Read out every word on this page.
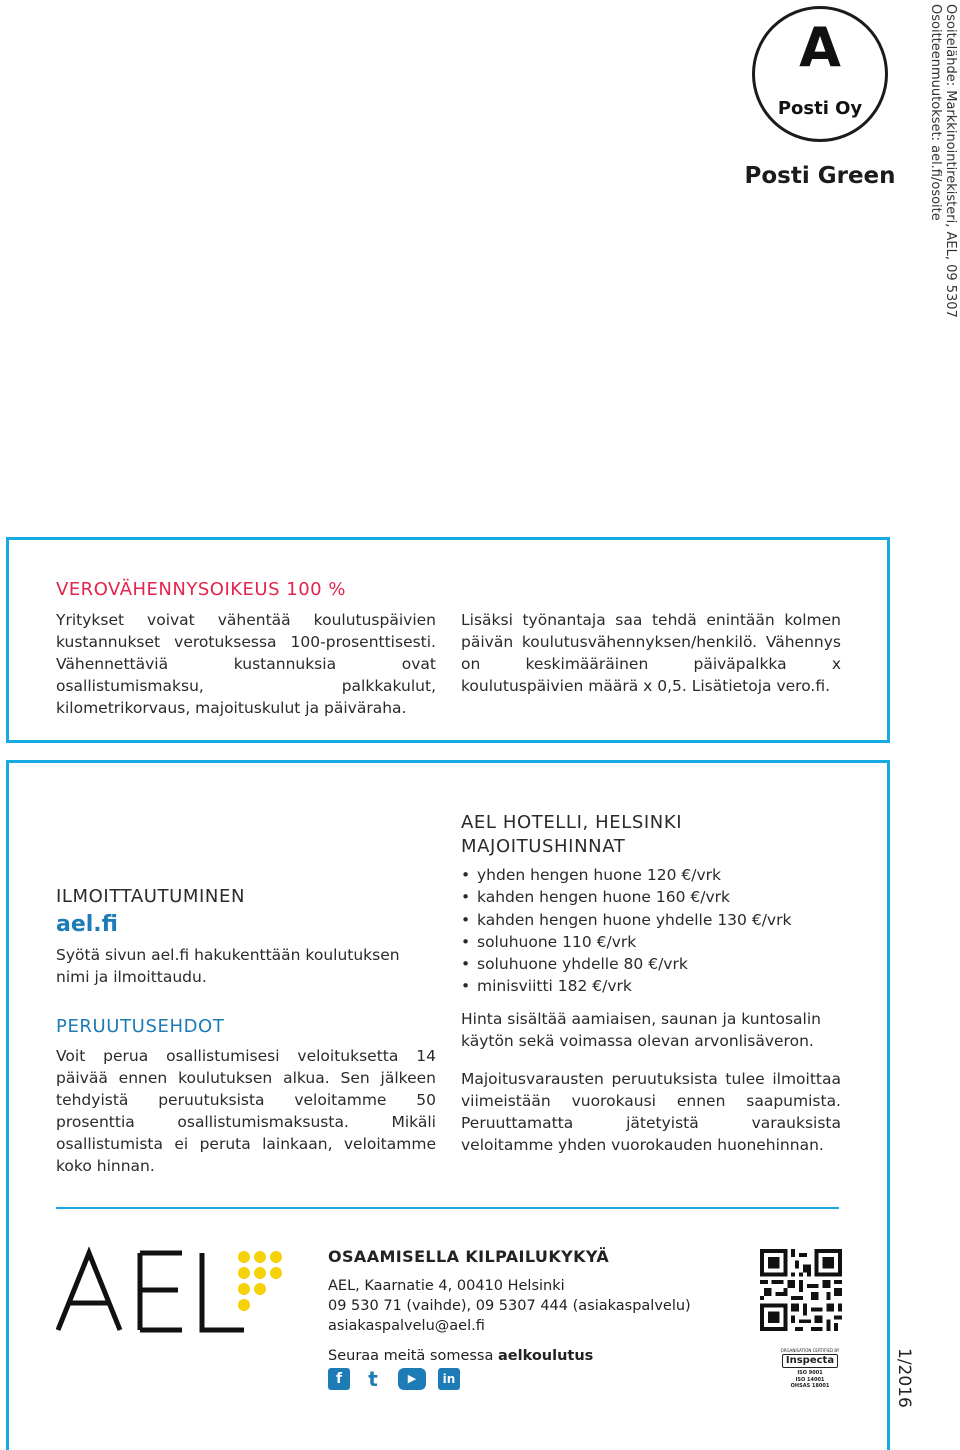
Osoitelähde: Markkinointirekisteri, AEL, 09 5307
Osoitteenmuutokset: ael.fi/osoite
A
Posti Oy
Posti Green
VEROVÄHENNYSOIKEUS 100 %
Yritykset voivat vähentää koulutuspäivien kustannukset verotuksessa 100-prosenttisesti. Vähennettäviä kustannuksia ovat osallistumismaksu, palkkakulut, kilometrikorvaus, majoituskulut ja päiväraha.
Lisäksi työnantaja saa tehdä enintään kolmen päivän koulutusvähennyksen/henkilö. Vähennys on keskimääräinen päiväpalkka x koulutuspäivien määrä x 0,5. Lisätietoja vero.fi.
ILMOITTAUTUMINEN
ael.fi
Syötä sivun ael.fi hakukenttään koulutuksen nimi ja ilmoittaudu.
PERUUTUSEHDOT
Voit perua osallistumisesi veloituksetta 14 päivää ennen koulutuksen alkua. Sen jälkeen tehdyistä peruutuksista veloitamme 50 prosenttia osallistumismaksusta. Mikäli osallistumista ei peruta lainkaan, veloitamme koko hinnan.
AEL HOTELLI, HELSINKI
MAJOITUSHINNAT
• yhden hengen huone 120 €/vrk
• kahden hengen huone 160 €/vrk
• kahden hengen huone yhdelle 130 €/vrk
• soluhuone 110 €/vrk
• soluhuone yhdelle 80 €/vrk
• minisviitti 182 €/vrk
Hinta sisältää aamiaisen, saunan ja kuntosalin käytön sekä voimassa olevan arvonlisäveron.
Majoitusvarausten peruutuksista tulee ilmoittaa viimeistään vuorokausi ennen saapumista. Peruuttamatta jätetyistä varauksista veloitamme yhden vuorokauden huonehinnan.
OSAAMISELLA KILPAILUKYKYÄ
AEL, Kaarnatie 4, 00410 Helsinki
09 530 71 (vaihde), 09 5307 444 (asiakaspalvelu)
asiakaspalvelu@ael.fi
Seuraa meitä somessa aelkoulutus
f	t	▶	in
ORGANISATION CERTIFIED BY
Inspecta
ISO 9001
ISO 14001
OHSAS 18001	1/2016
